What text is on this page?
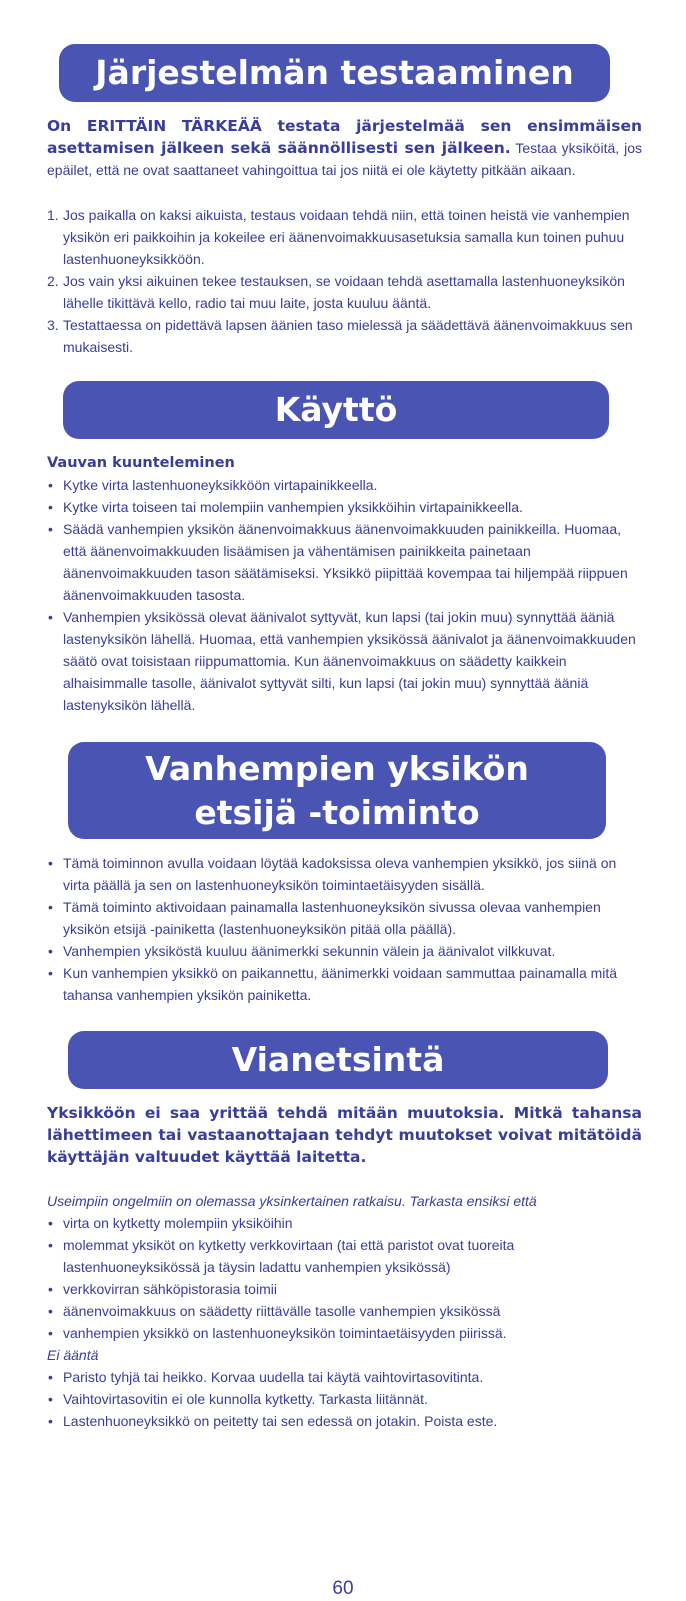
Järjestelmän testaaminen

On ERITTÄIN TÄRKEÄÄ testata järjestelmää sen ensimmäisen asettamisen jälkeen sekä säännöllisesti sen jälkeen. Testaa yksiköitä, jos epäilet, että ne ovat saattaneet vahingoittua tai jos niitä ei ole käytetty pitkään aikaan.

1. Jos paikalla on kaksi aikuista, testaus voidaan tehdä niin, että toinen heistä vie vanhempien yksikön eri paikkoihin ja kokeilee eri äänenvoimakkuusasetuksia samalla kun toinen puhuu lastenhuoneyksikköön.
2. Jos vain yksi aikuinen tekee testauksen, se voidaan tehdä asettamalla lastenhuoneyksikön lähelle tikittävä kello, radio tai muu laite, josta kuuluu ääntä.
3. Testattaessa on pidettävä lapsen äänien taso mielessä ja säädettävä äänenvoimakkuus sen mukaisesti.
Käyttö

Vauvan kuunteleminen

• Kytke virta lastenhuoneyksikköön virtapainikkeella.
• Kytke virta toiseen tai molempiin vanhempien yksikköihin virtapainikkeella.
• Säädä vanhempien yksikön äänenvoimakkuus äänenvoimakkuuden painikkeilla. Huomaa, että äänenvoimakkuuden lisäämisen ja vähentämisen painikkeita painetaan äänenvoimakkuuden tason säätämiseksi. Yksikkö piipittää kovempaa tai hiljempää riippuen äänenvoimakkuuden tasosta.
• Vanhempien yksikössä olevat äänivalot syttyvät, kun lapsi (tai jokin muu) synnyttää ääniä lastenyksikön lähellä. Huomaa, että vanhempien yksikössä äänivalot ja äänenvoimakkuuden säätö ovat toisistaan riippumattomia. Kun äänenvoimakkuus on säädetty kaikkein alhaisimmalle tasolle, äänivalot syttyvät silti, kun lapsi (tai jokin muu) synnyttää ääniä lastenyksikön lähellä.
Vanhempien yksikön
etsijä -toiminto
• Tämä toiminnon avulla voidaan löytää kadoksissa oleva vanhempien yksikkö, jos siinä on virta päällä ja sen on lastenhuoneyksikön toimintaetäisyyden sisällä.
• Tämä toiminto aktivoidaan painamalla lastenhuoneyksikön sivussa olevaa vanhempien yksikön etsijä -painiketta (lastenhuoneyksikön pitää olla päällä).
• Vanhempien yksiköstä kuuluu äänimerkki sekunnin välein ja äänivalot vilkkuvat.
• Kun vanhempien yksikkö on paikannettu, äänimerkki voidaan sammuttaa painamalla mitä tahansa vanhempien yksikön painiketta.
Vianetsintä

Yksikköön ei saa yrittää tehdä mitään muutoksia. Mitkä tahansa lähettimeen tai vastaanottajaan tehdyt muutokset voivat mitätöidä käyttäjän valtuudet käyttää laitetta.

Useimpiin ongelmiin on olemassa yksinkertainen ratkaisu. Tarkasta ensiksi että

• virta on kytketty molempiin yksiköihin
• molemmat yksiköt on kytketty verkkovirtaan (tai että paristot ovat tuoreita lastenhuoneyksikössä ja täysin ladattu vanhempien yksikössä)
• verkkovirran sähköpistorasia toimii
• äänenvoimakkuus on säädetty riittävälle tasolle vanhempien yksikössä
• vanhempien yksikkö on lastenhuoneyksikön toimintaetäisyyden piirissä.

Ei ääntä

• Paristo tyhjä tai heikko. Korvaa uudella tai käytä vaihtovirtasovitinta.
• Vaihtovirtasovitin ei ole kunnolla kytketty. Tarkasta liitännät.
• Lastenhuoneyksikkö on peitetty tai sen edessä on jotakin. Poista este.
60
